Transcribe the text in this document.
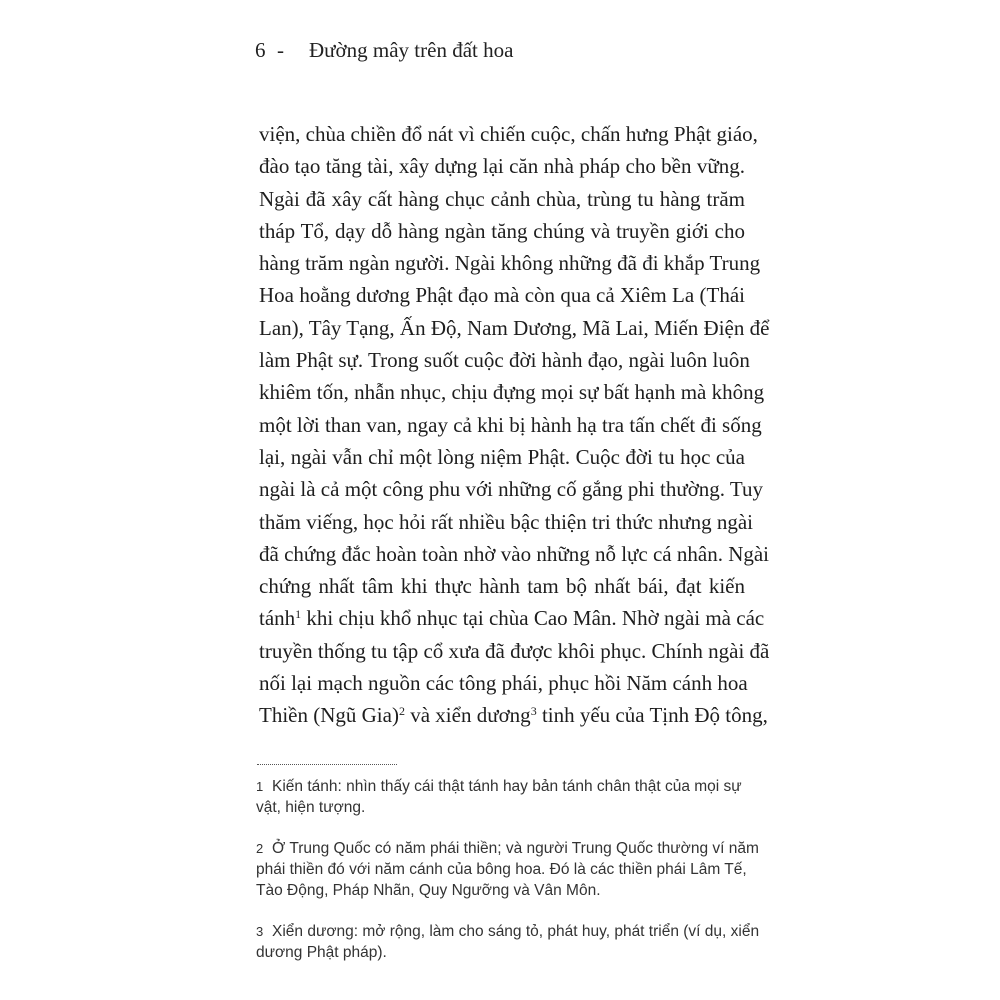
6 - Đường mây trên đất hoa
viện, chùa chiền đổ nát vì chiến cuộc, chấn hưng Phật giáo,
đào tạo tăng tài, xây dựng lại căn nhà pháp cho bền vững.
Ngài đã xây cất hàng chục cảnh chùa, trùng tu hàng trăm
tháp Tổ, dạy dỗ hàng ngàn tăng chúng và truyền giới cho
hàng trăm ngàn người. Ngài không những đã đi khắp Trung
Hoa hoằng dương Phật đạo mà còn qua cả Xiêm La (Thái
Lan), Tây Tạng, Ấn Độ, Nam Dương, Mã Lai, Miến Điện để
làm Phật sự. Trong suốt cuộc đời hành đạo, ngài luôn luôn
khiêm tốn, nhẫn nhục, chịu đựng mọi sự bất hạnh mà không
một lời than van, ngay cả khi bị hành hạ tra tấn chết đi sống
lại, ngài vẫn chỉ một lòng niệm Phật. Cuộc đời tu học của
ngài là cả một công phu với những cố gắng phi thường. Tuy
thăm viếng, học hỏi rất nhiều bậc thiện tri thức nhưng ngài
đã chứng đắc hoàn toàn nhờ vào những nỗ lực cá nhân. Ngài
chứng nhất tâm khi thực hành tam bộ nhất bái, đạt kiến
tánh$^1$ khi chịu khổ nhục tại chùa Cao Mân. Nhờ ngài mà các
truyền thống tu tập cổ xưa đã được khôi phục. Chính ngài đã
nối lại mạch nguồn các tông phái, phục hồi Năm cánh hoa
Thiền (Ngũ Gia)$^2$ và xiển dương$^3$ tinh yếu của Tịnh Độ tông,
1 Kiến tánh: nhìn thấy cái thật tánh hay bản tánh chân thật của mọi sự
vật, hiện tượng.
2 Ở Trung Quốc có năm phái thiền; và người Trung Quốc thường ví năm
phái thiền đó với năm cánh của bông hoa. Đó là các thiền phái Lâm Tế,
Tào Động, Pháp Nhãn, Quy Ngưỡng và Vân Môn.
3 Xiển dương: mở rộng, làm cho sáng tỏ, phát huy, phát triển (ví dụ, xiển
dương Phật pháp).
